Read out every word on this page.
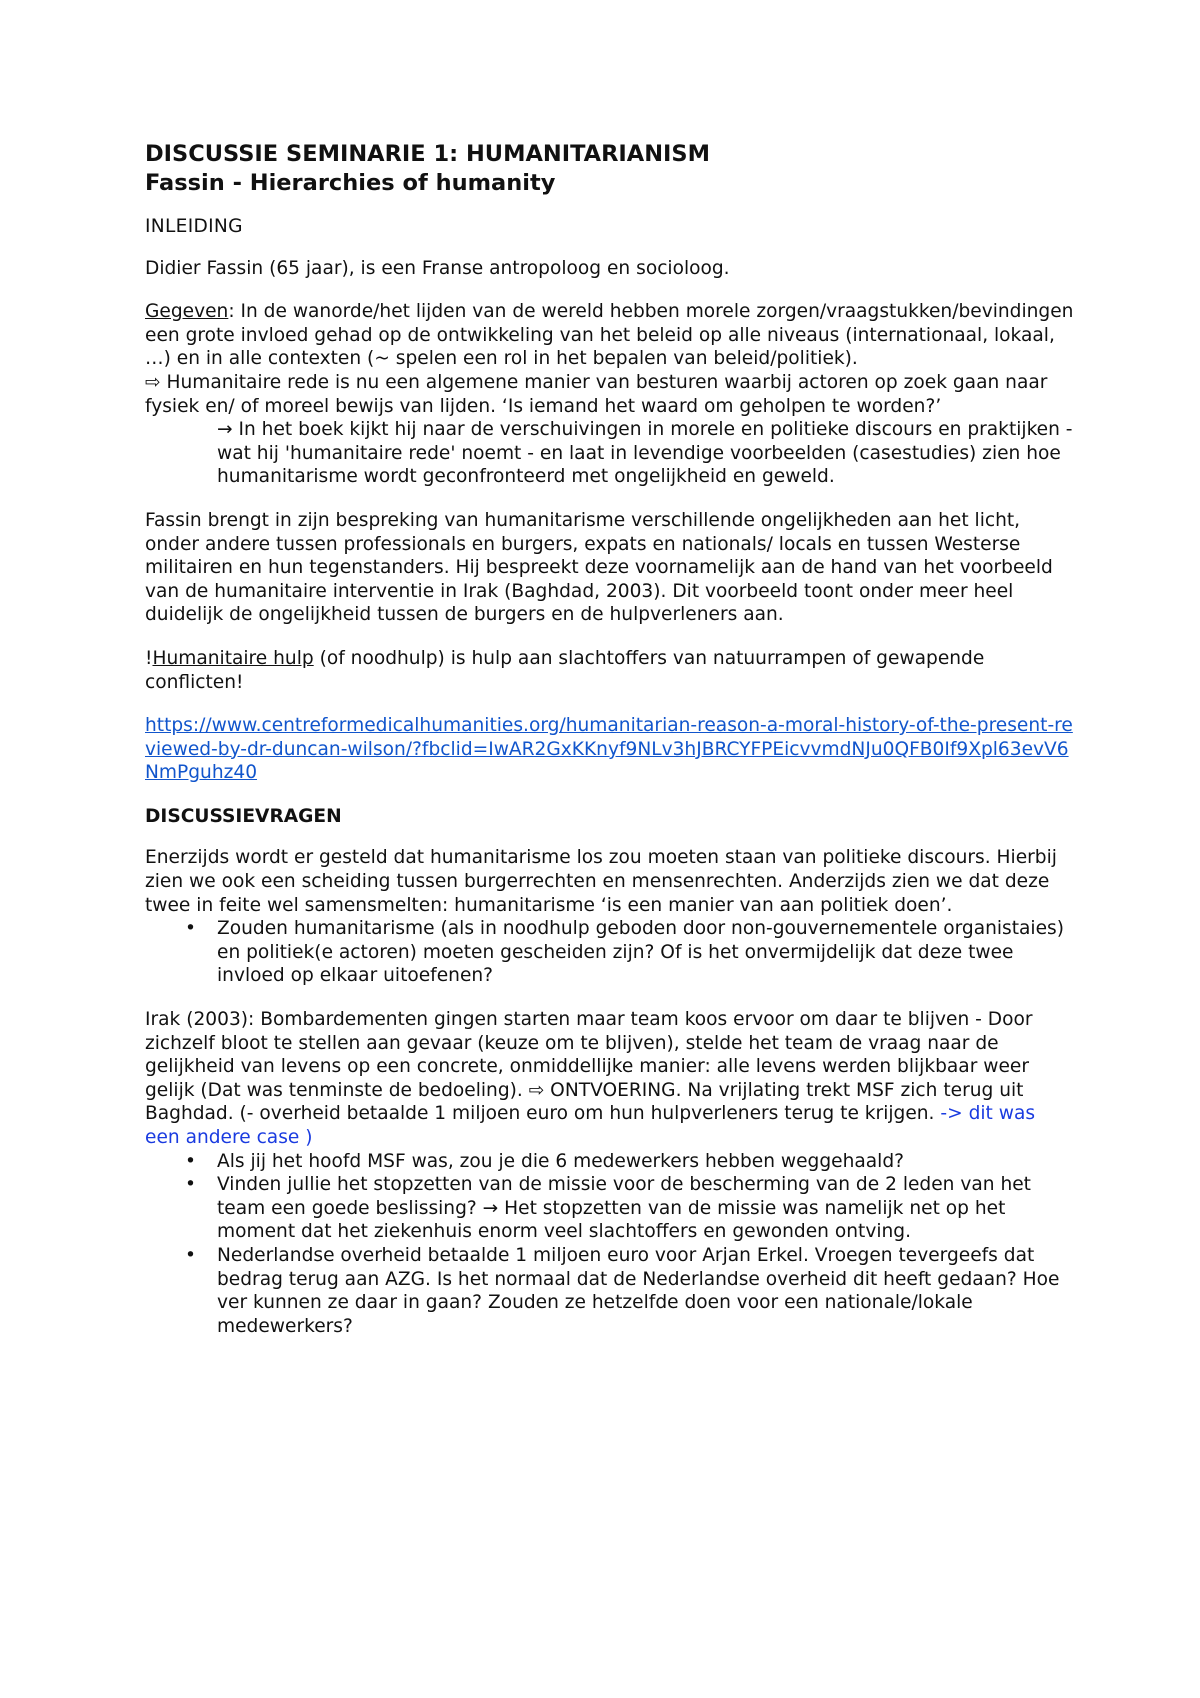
DISCUSSIE SEMINARIE 1: HUMANITARIANISM
Fassin - Hierarchies of humanity
INLEIDING

Didier Fassin (65 jaar), is een Franse antropoloog en socioloog.

Gegeven: In de wanorde/het lijden van de wereld hebben morele zorgen/vraagstukken/bevindingen een grote invloed gehad op de ontwikkeling van het beleid op alle niveaus (internationaal, lokaal, …) en in alle contexten (~ spelen een rol in het bepalen van beleid/politiek).

⇨ Humanitaire rede is nu een algemene manier van besturen waarbij actoren op zoek gaan naar fysiek en/ of moreel bewijs van lijden. ‘Is iemand het waard om geholpen te worden?’

→ In het boek kijkt hij naar de verschuivingen in morele en politieke discours en praktijken - wat hij 'humanitaire rede' noemt - en laat in levendige voorbeelden (casestudies) zien hoe humanitarisme wordt geconfronteerd met ongelijkheid en geweld.

Fassin brengt in zijn bespreking van humanitarisme verschillende ongelijkheden aan het licht, onder andere tussen professionals en burgers, expats en nationals/ locals en tussen Westerse militairen en hun tegenstanders. Hij bespreekt deze voornamelijk aan de hand van het voorbeeld van de humanitaire interventie in Irak (Baghdad, 2003). Dit voorbeeld toont onder meer heel duidelijk de ongelijkheid tussen de burgers en de hulpverleners aan.

!Humanitaire hulp (of noodhulp) is hulp aan slachtoffers van natuurrampen of gewapende conflicten!

https://www.centreformedicalhumanities.org/humanitarian-reason-a-moral-history-of-the-present-reviewed-by-dr-duncan-wilson/?fbclid=IwAR2GxKKnyf9NLv3hJBRCYFPEicvvmdNJu0QFB0If9Xpl63evV6NmPguhz40

DISCUSSIEVRAGEN

Enerzijds wordt er gesteld dat humanitarisme los zou moeten staan van politieke discours. Hierbij zien we ook een scheiding tussen burgerrechten en mensenrechten. Anderzijds zien we dat deze twee in feite wel samensmelten: humanitarisme ‘is een manier van aan politiek doen’.

• Zouden humanitarisme (als in noodhulp geboden door non-gouvernementele organistaies) en politiek(e actoren) moeten gescheiden zijn? Of is het onvermijdelijk dat deze twee invloed op elkaar uitoefenen?

Irak (2003): Bombardementen gingen starten maar team koos ervoor om daar te blijven - Door zichzelf bloot te stellen aan gevaar (keuze om te blijven), stelde het team de vraag naar de gelijkheid van levens op een concrete, onmiddellijke manier: alle levens werden blijkbaar weer gelijk (Dat was tenminste de bedoeling). ⇨ ONTVOERING. Na vrijlating trekt MSF zich terug uit Baghdad. (- overheid betaalde 1 miljoen euro om hun hulpverleners terug te krijgen. -> dit was een andere case )

• Als jij het hoofd MSF was, zou je die 6 medewerkers hebben weggehaald?
• Vinden jullie het stopzetten van de missie voor de bescherming van de 2 leden van het team een goede beslissing? → Het stopzetten van de missie was namelijk net op het moment dat het ziekenhuis enorm veel slachtoffers en gewonden ontving.
• Nederlandse overheid betaalde 1 miljoen euro voor Arjan Erkel. Vroegen tevergeefs dat bedrag terug aan AZG. Is het normaal dat de Nederlandse overheid dit heeft gedaan? Hoe ver kunnen ze daar in gaan? Zouden ze hetzelfde doen voor een nationale/lokale medewerkers?
